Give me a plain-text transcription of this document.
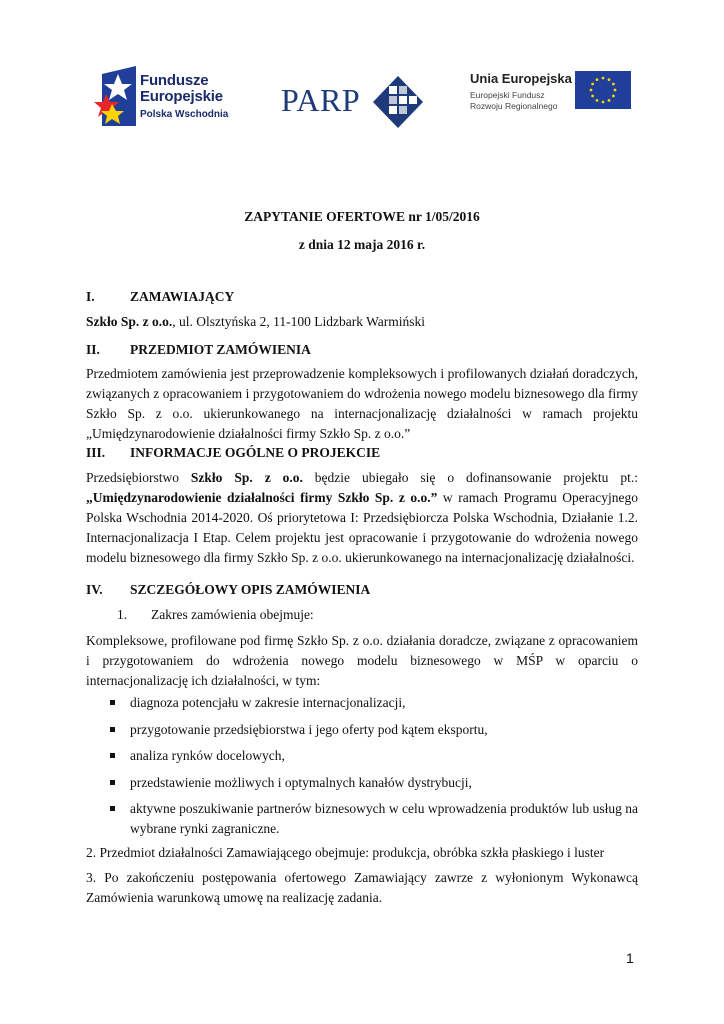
Fundusze
Europejskie
Polska Wschodnia PARP
Unia Europejska
Europejski Fundusz
Rozwoju Regionalnego
ZAPYTANIE OFERTOWE nr 1/05/2016
z dnia 12 maja 2016 r.
I.	ZAMAWIAJĄCY
Szkło Sp. z o.o., ul. Olsztyńska 2, 11-100 Lidzbark Warmiński
II. PRZEDMIOT ZAMÓWIENIA
Przedmiotem zamówienia jest przeprowadzenie kompleksowych i profilowanych działań doradczych, związanych z opracowaniem i przygotowaniem do wdrożenia nowego modelu biznesowego dla firmy Szkło Sp. z o.o. ukierunkowanego na internacjonalizację działalności w ramach projektu „Umiędzynarodowienie działalności firmy Szkło Sp. z o.o.”
III. INFORMACJE OGÓLNE O PROJEKCIE
Przedsiębiorstwo Szkło Sp. z o.o. będzie ubiegało się o dofinansowanie projektu pt.: „Umiędzynarodowienie działalności firmy Szkło Sp. z o.o.” w ramach Programu Operacyjnego Polska Wschodnia 2014-2020. Oś priorytetowa I: Przedsiębiorcza Polska Wschodnia, Działanie 1.2. Internacjonalizacja I Etap. Celem projektu jest opracowanie i przygotowanie do wdrożenia nowego modelu biznesowego dla firmy Szkło Sp. z o.o. ukierunkowanego na internacjonalizację działalności.
IV. SZCZEGÓŁOWY OPIS ZAMÓWIENIA
1. Zakres zamówienia obejmuje:
Kompleksowe, profilowane pod firmę Szkło Sp. z o.o. działania doradcze, związane z opracowaniem i przygotowaniem do wdrożenia nowego modelu biznesowego w MŚP w oparciu o internacjonalizację ich działalności, w tym:
diagnoza potencjału w zakresie internacjonalizacji,
przygotowanie przedsiębiorstwa i jego oferty pod kątem eksportu,
analiza rynków docelowych,
przedstawienie możliwych i optymalnych kanałów dystrybucji,
aktywne poszukiwanie partnerów biznesowych w celu wprowadzenia produktów lub usług na wybrane rynki zagraniczne.
2. Przedmiot działalności Zamawiającego obejmuje: produkcja, obróbka szkła płaskiego i luster
3. Po zakończeniu postępowania ofertowego Zamawiający zawrze z wyłonionym Wykonawcą Zamówienia warunkową umowę na realizację zadania.
1
